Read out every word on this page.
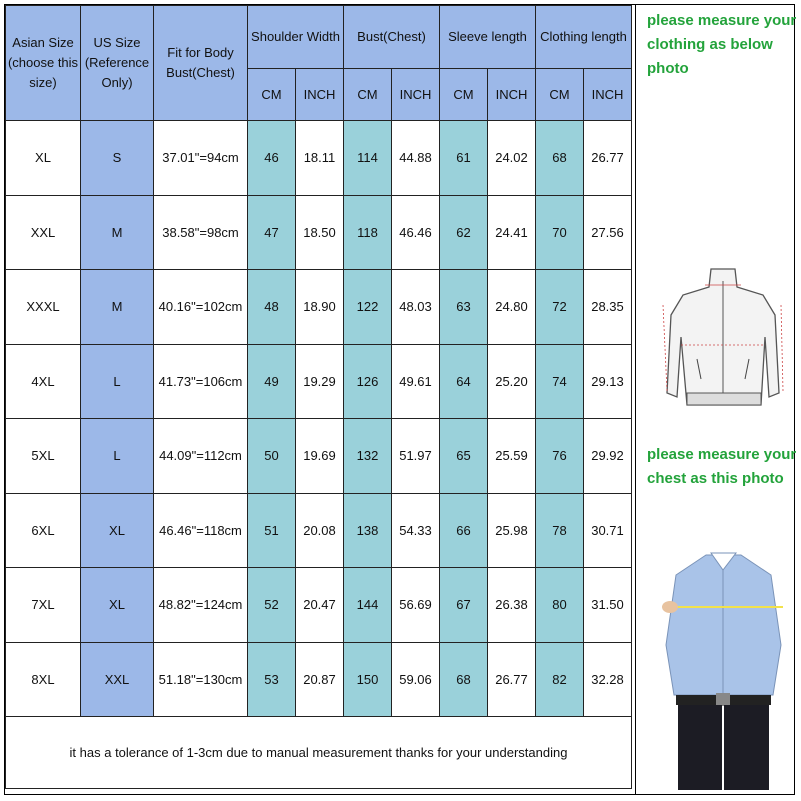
Asian Size (choose this size)	US Size (Reference Only)	Fit for Body Bust(Chest)	Shoulder Width		Bust(Chest)		Sleeve length		Clothing length	
			CM	INCH	CM	INCH	CM	INCH	CM	INCH
XL	S	37.01"=94cm	46	18.11	114	44.88	61	24.02	68	26.77
XXL	M	38.58"=98cm	47	18.50	118	46.46	62	24.41	70	27.56
XXXL	M	40.16"=102cm	48	18.90	122	48.03	63	24.80	72	28.35
4XL	L	41.73"=106cm	49	19.29	126	49.61	64	25.20	74	29.13
5XL	L	44.09"=112cm	50	19.69	132	51.97	65	25.59	76	29.92
6XL	XL	46.46"=118cm	51	20.08	138	54.33	66	25.98	78	30.71
7XL	XL	48.82"=124cm	52	20.47	144	56.69	67	26.38	80	31.50
8XL	XXL	51.18"=130cm	53	20.87	150	59.06	68	26.77	82	32.28
it has a tolerance of 1-3cm due to manual measurement thanks for your understanding										
please measure your clothing as below photo
please measure your chest as this photo
